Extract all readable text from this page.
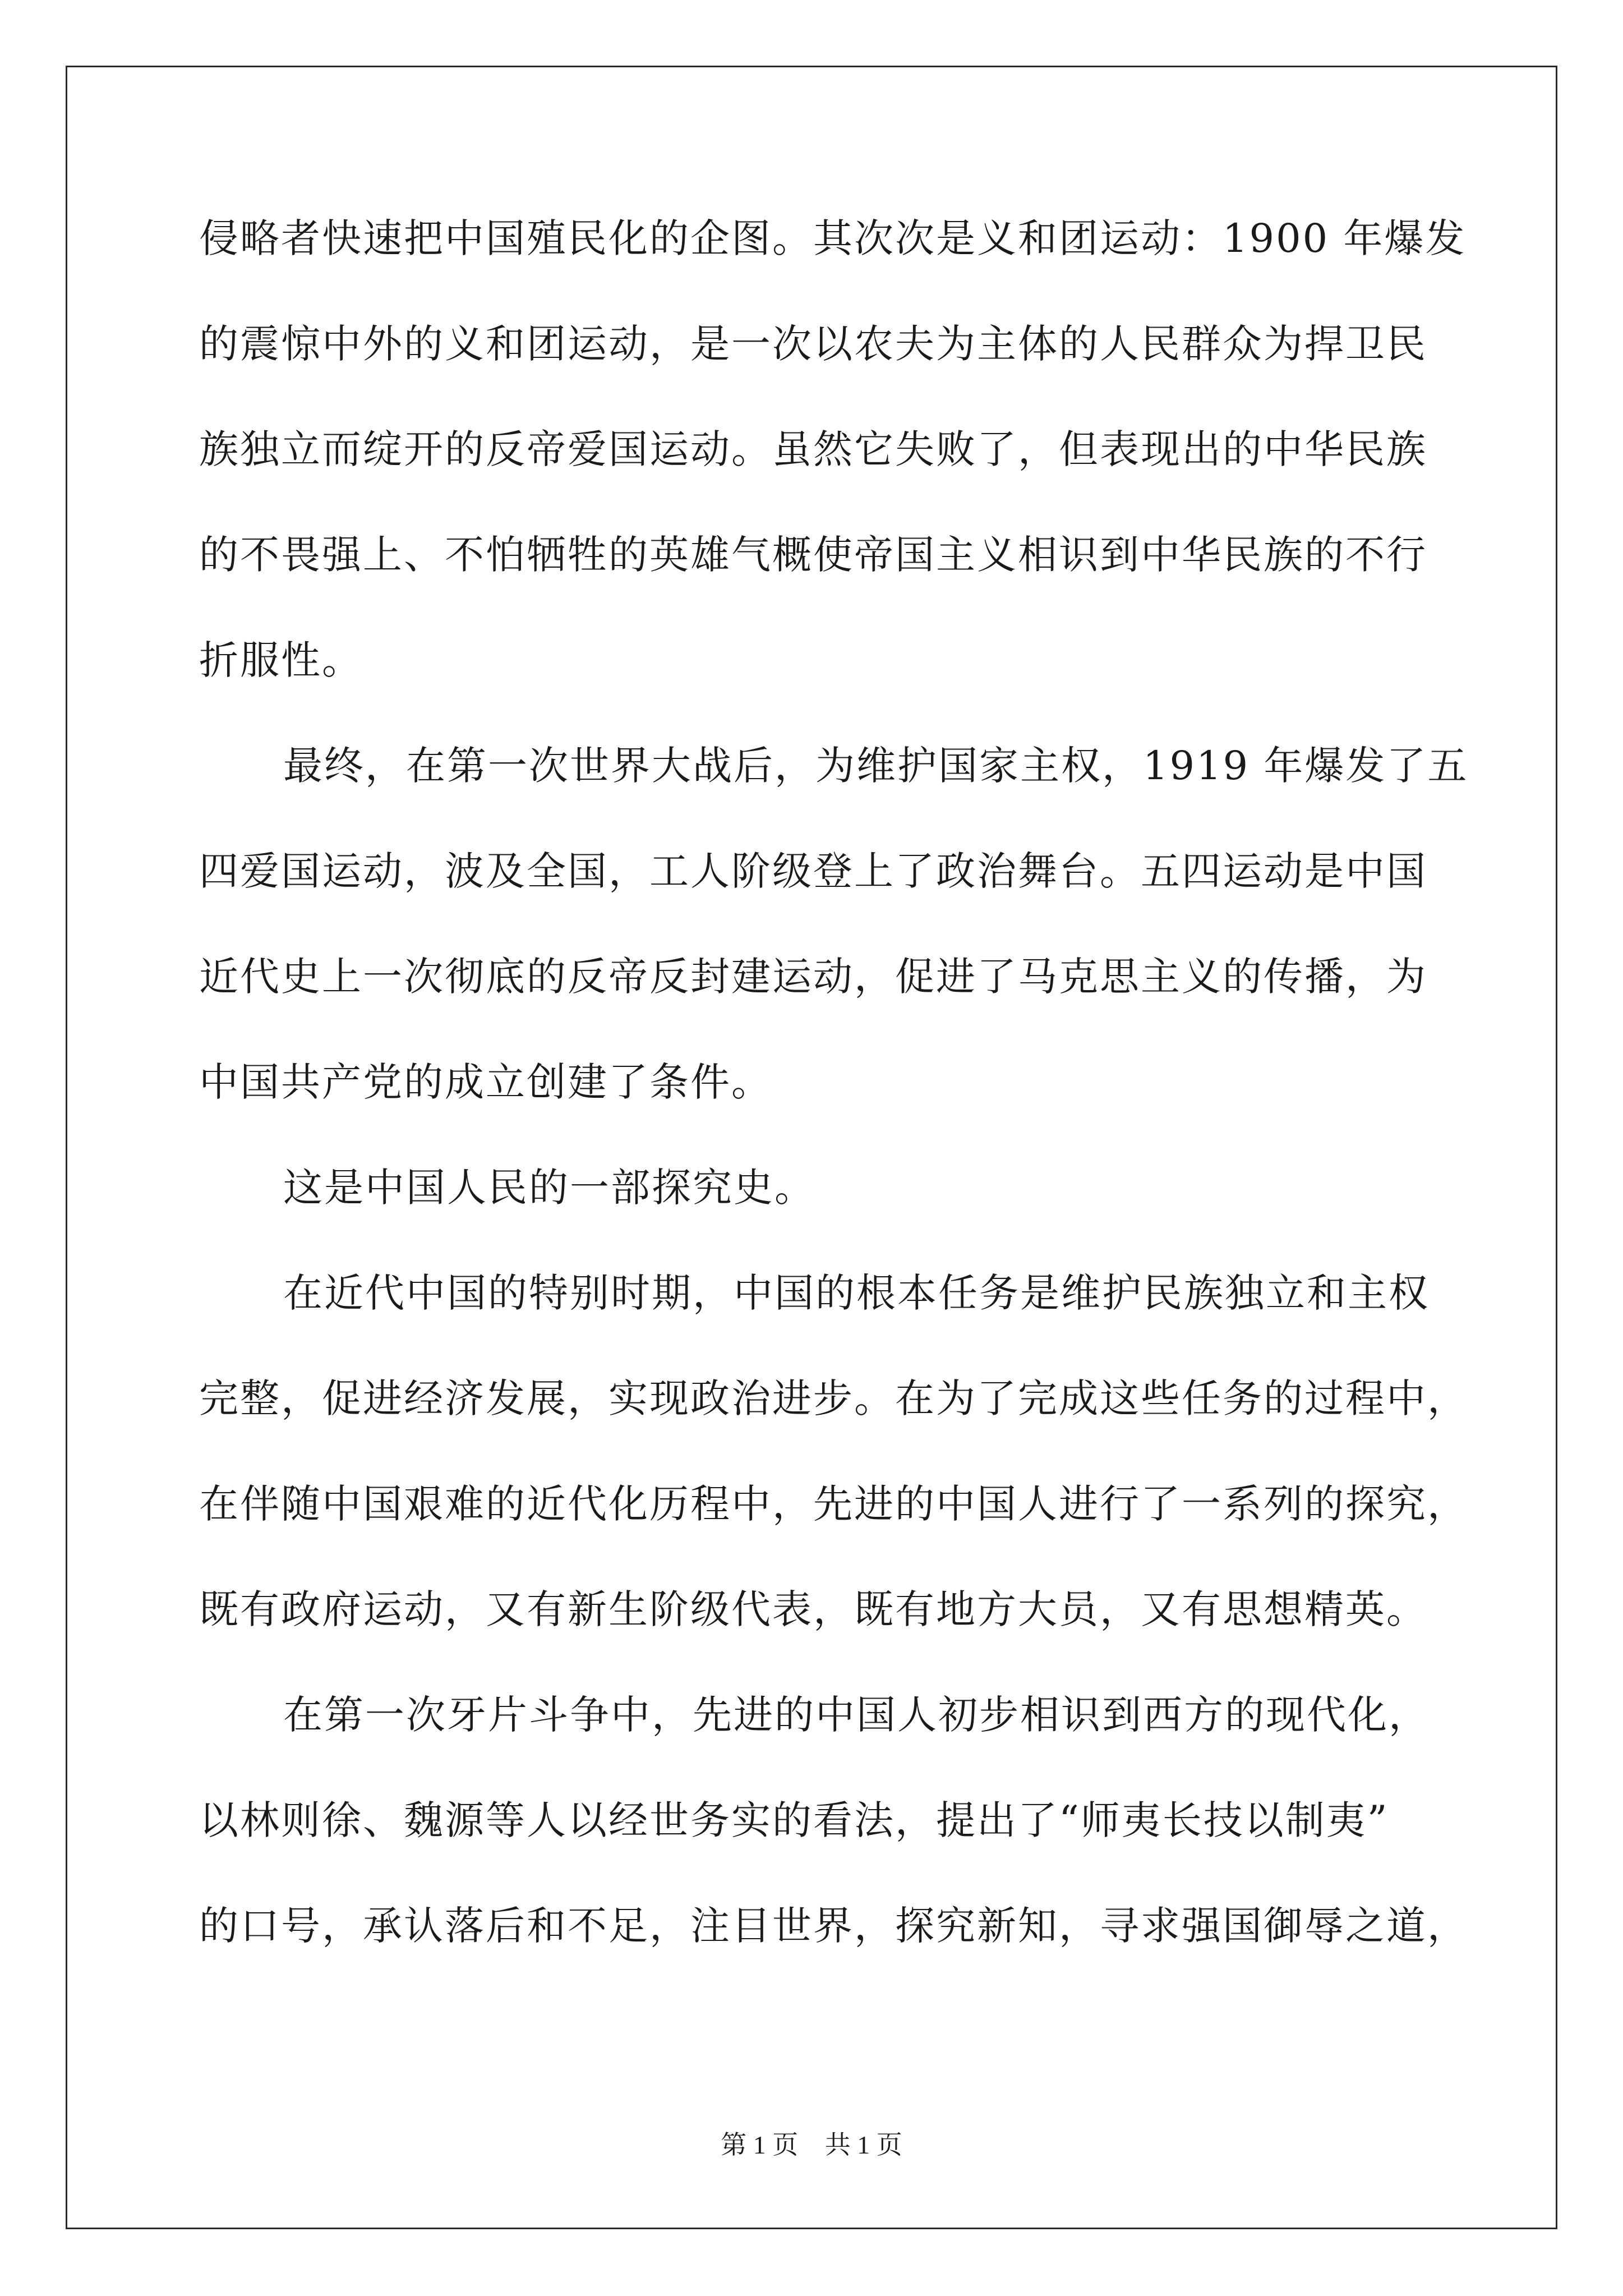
侵略者快速把中国殖民化的企图。其次次是义和团运动：1900 年爆发
的震惊中外的义和团运动，是一次以农夫为主体的人民群众为捍卫民
族独立而绽开的反帝爱国运动。虽然它失败了，但表现出的中华民族
的不畏强上、不怕牺牲的英雄气概使帝国主义相识到中华民族的不行
折服性。
最终，在第一次世界大战后，为维护国家主权，1919 年爆发了五
四爱国运动，波及全国，工人阶级登上了政治舞台。五四运动是中国
近代史上一次彻底的反帝反封建运动，促进了马克思主义的传播，为
中国共产党的成立创建了条件。
这是中国人民的一部探究史。
在近代中国的特别时期，中国的根本任务是维护民族独立和主权
完整，促进经济发展，实现政治进步。在为了完成这些任务的过程中，
在伴随中国艰难的近代化历程中，先进的中国人进行了一系列的探究，
既有政府运动，又有新生阶级代表，既有地方大员，又有思想精英。
在第一次牙片斗争中，先进的中国人初步相识到西方的现代化，
以林则徐、魏源等人以经世务实的看法，提出了“师夷长技以制夷”
的口号，承认落后和不足，注目世界，探究新知，寻求强国御辱之道，
第 1 页 共 1 页
